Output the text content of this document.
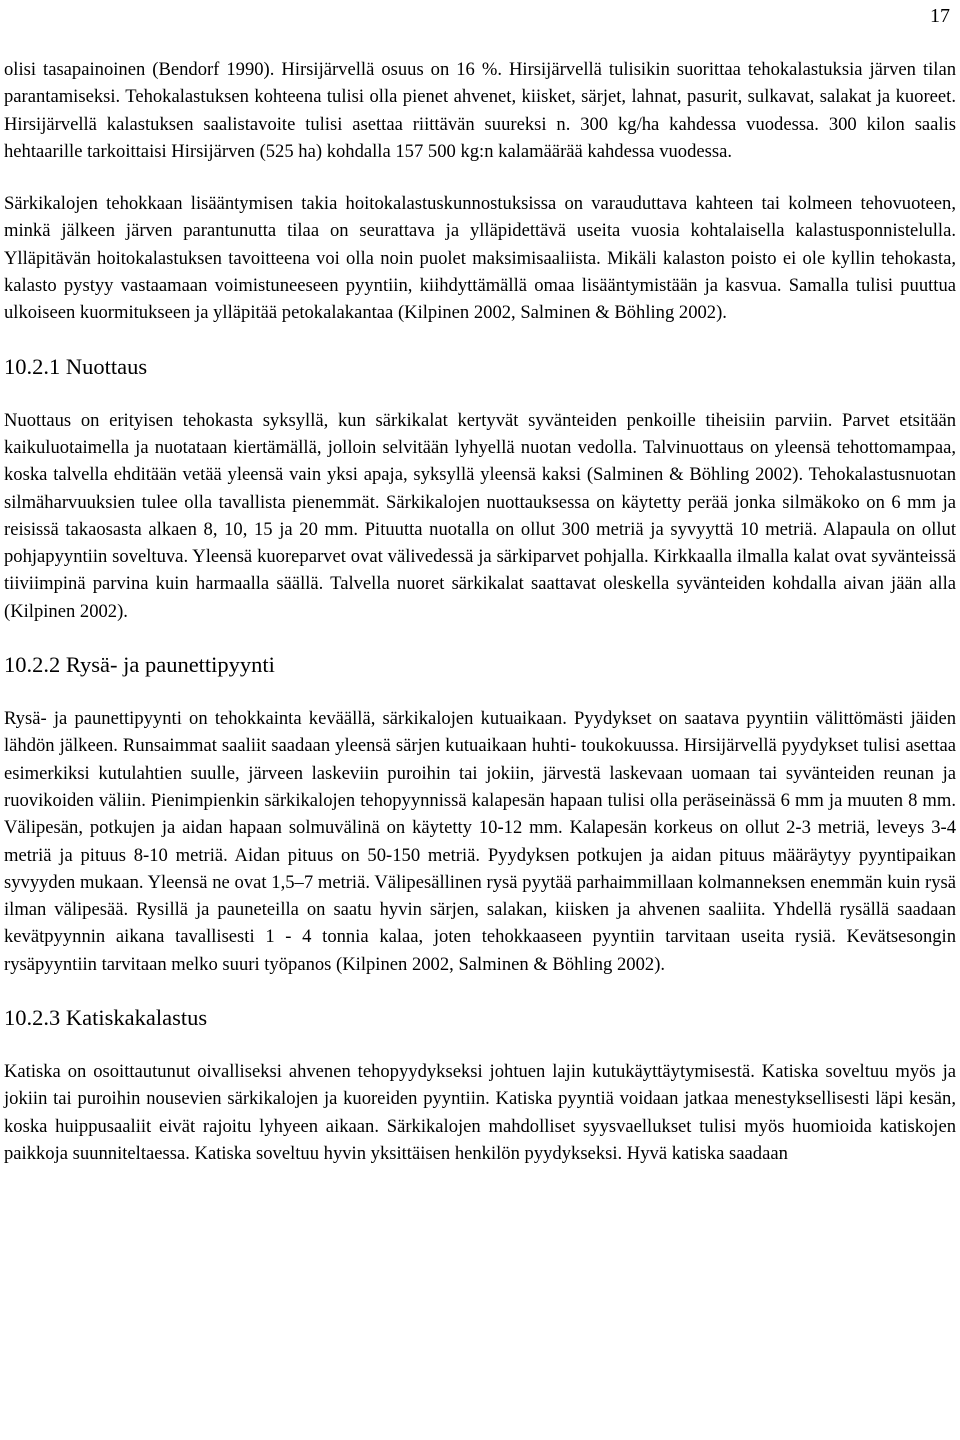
17

olisi tasapainoinen (Bendorf 1990). Hirsijärvellä osuus on 16 %. Hirsijärvellä tulisikin suorittaa tehokalastuksia järven tilan parantamiseksi. Tehokalastuksen kohteena tulisi olla pienet ahvenet, kiisket, särjet, lahnat, pasurit, sulkavat, salakat ja kuoreet. Hirsijärvellä kalastuksen saalistavoite tulisi asettaa riittävän suureksi n. 300 kg/ha kahdessa vuodessa. 300 kilon saalis hehtaarille tarkoittaisi Hirsijärven (525 ha) kohdalla 157 500 kg:n kalamäärää kahdessa vuodessa.

Särkikalojen tehokkaan lisääntymisen takia hoitokalastuskunnostuksissa on varauduttava kahteen tai kolmeen tehovuoteen, minkä jälkeen järven parantunutta tilaa on seurattava ja ylläpidettävä useita vuosia kohtalaisella kalastusponnistelulla. Ylläpitävän hoitokalastuksen tavoitteena voi olla noin puolet maksimisaaliista. Mikäli kalaston poisto ei ole kyllin tehokasta, kalasto pystyy vastaamaan voimistuneeseen pyyntiin, kiihdyttämällä omaa lisääntymistään ja kasvua. Samalla tulisi puuttua ulkoiseen kuormitukseen ja ylläpitää petokalakantaa (Kilpinen 2002, Salminen & Böhling 2002).

10.2.1 Nuottaus

Nuottaus on erityisen tehokasta syksyllä, kun särkikalat kertyvät syvänteiden penkoille tiheisiin parviin. Parvet etsitään kaikuluotaimella ja nuotataan kiertämällä, jolloin selvitään lyhyellä nuotan vedolla. Talvinuottaus on yleensä tehottomampaa, koska talvella ehditään vetää yleensä vain yksi apaja, syksyllä yleensä kaksi (Salminen & Böhling 2002). Tehokalastusnuotan silmäharvuuksien tulee olla tavallista pienemmät. Särkikalojen nuottauksessa on käytetty perää jonka silmäkoko on 6 mm ja reisissä takaosasta alkaen 8, 10, 15 ja 20 mm. Pituutta nuotalla on ollut 300 metriä ja syvyyttä 10 metriä. Alapaula on ollut pohjapyyntiin soveltuva. Yleensä kuoreparvet ovat välivedessä ja särkiparvet pohjalla. Kirkkaalla ilmalla kalat ovat syvänteissä tiiviimpinä parvina kuin harmaalla säällä. Talvella nuoret särkikalat saattavat oleskella syvänteiden kohdalla aivan jään alla (Kilpinen 2002).

10.2.2 Rysä- ja paunettipyynti

Rysä- ja paunettipyynti on tehokkainta keväällä, särkikalojen kutuaikaan. Pyydykset on saatava pyyntiin välittömästi jäiden lähdön jälkeen. Runsaimmat saaliit saadaan yleensä särjen kutuaikaan huhti- toukokuussa. Hirsijärvellä pyydykset tulisi asettaa esimerkiksi kutulahtien suulle, järveen laskeviin puroihin tai jokiin, järvestä laskevaan uomaan tai syvänteiden reunan ja ruovikoiden väliin. Pienimpienkin särkikalojen tehopyynnissä kalapesän hapaan tulisi olla peräseinässä 6 mm ja muuten 8 mm. Välipesän, potkujen ja aidan hapaan solmuvälinä on käytetty 10-12 mm. Kalapesän korkeus on ollut 2-3 metriä, leveys 3-4 metriä ja pituus 8-10 metriä. Aidan pituus on 50-150 metriä. Pyydyksen potkujen ja aidan pituus määräytyy pyyntipaikan syvyyden mukaan. Yleensä ne ovat 1,5–7 metriä. Välipesällinen rysä pyytää parhaimmillaan kolmanneksen enemmän kuin rysä ilman välipesää. Rysillä ja pauneteilla on saatu hyvin särjen, salakan, kiisken ja ahvenen saaliita. Yhdellä rysällä saadaan kevätpyynnin aikana tavallisesti 1 - 4 tonnia kalaa, joten tehokkaaseen pyyntiin tarvitaan useita rysiä. Kevätsesongin rysäpyyntiin tarvitaan melko suuri työpanos (Kilpinen 2002, Salminen & Böhling 2002).

10.2.3 Katiskakalastus

Katiska on osoittautunut oivalliseksi ahvenen tehopyydykseksi johtuen lajin kutukäyttäytymisestä. Katiska soveltuu myös ja jokiin tai puroihin nousevien särkikalojen ja kuoreiden pyyntiin. Katiska pyyntiä voidaan jatkaa menestyksellisesti läpi kesän, koska huippusaaliit eivät rajoitu lyhyeen aikaan. Särkikalojen mahdolliset syysvaellukset tulisi myös huomioida katiskojen paikkoja suunniteltaessa. Katiska soveltuu hyvin yksittäisen henkilön pyydykseksi. Hyvä katiska saadaan
